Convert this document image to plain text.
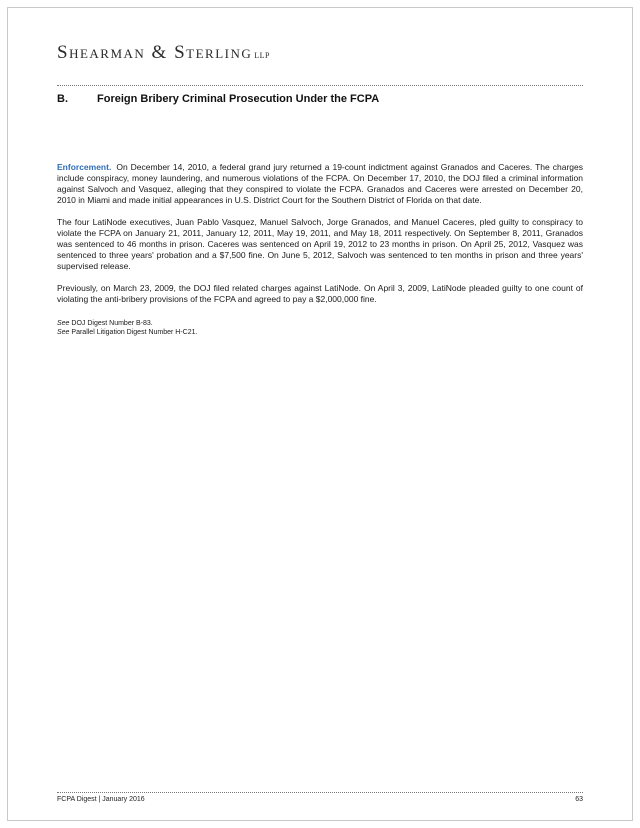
Shearman & Sterling LLP
B.	Foreign Bribery Criminal Prosecution Under the FCPA

Enforcement. On December 14, 2010, a federal grand jury returned a 19-count indictment against Granados and Caceres. The charges include conspiracy, money laundering, and numerous violations of the FCPA. On December 17, 2010, the DOJ filed a criminal information against Salvoch and Vasquez, alleging that they conspired to violate the FCPA. Granados and Caceres were arrested on December 20, 2010 in Miami and made initial appearances in U.S. District Court for the Southern District of Florida on that date.

The four LatiNode executives, Juan Pablo Vasquez, Manuel Salvoch, Jorge Granados, and Manuel Caceres, pled guilty to conspiracy to violate the FCPA on January 21, 2011, January 12, 2011, May 19, 2011, and May 18, 2011 respectively. On September 8, 2011, Granados was sentenced to 46 months in prison. Caceres was sentenced on April 19, 2012 to 23 months in prison. On April 25, 2012, Vasquez was sentenced to three years' probation and a $7,500 fine. On June 5, 2012, Salvoch was sentenced to ten months in prison and three years' supervised release.

Previously, on March 23, 2009, the DOJ filed related charges against LatiNode. On April 3, 2009, LatiNode pleaded guilty to one count of violating the anti-bribery provisions of the FCPA and agreed to pay a $2,000,000 fine.

See DOJ Digest Number B-83.
See Parallel Litigation Digest Number H-C21.
FCPA Digest | January 2016	63
